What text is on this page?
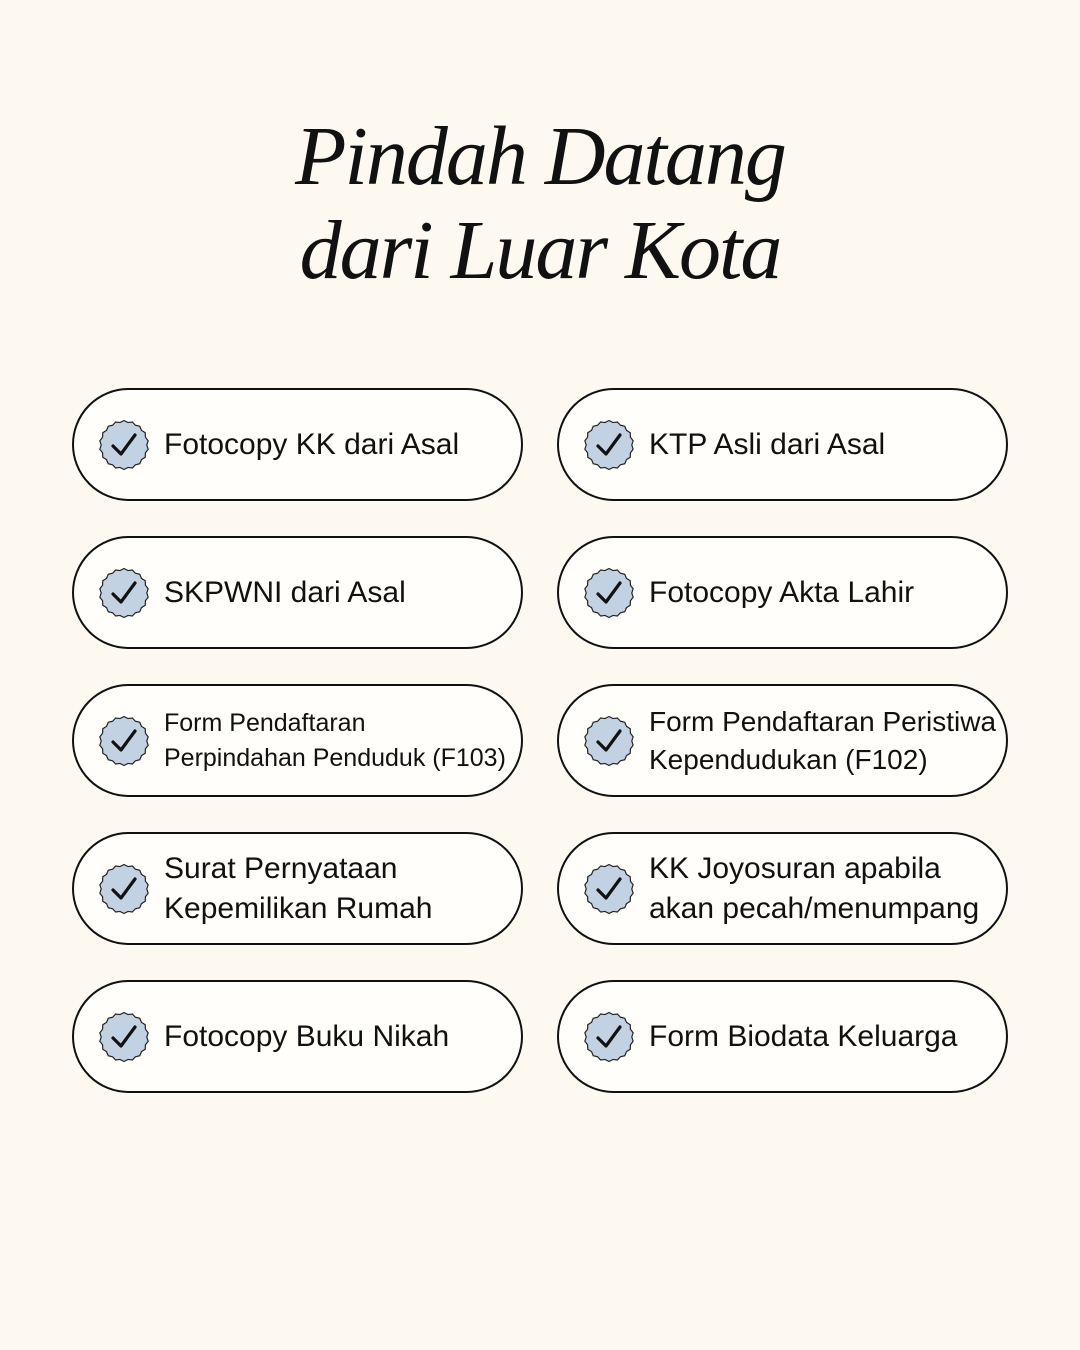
Pindah Datang
dari Luar Kota
Fotocopy KK dari Asal	KTP Asli dari Asal
SKPWNI dari Asal	Fotocopy Akta Lahir
Form Pendaftaran
Perpindahan Penduduk (F103)
Form Pendaftaran Peristiwa
Kependudukan (F102)
Surat Pernyataan
Kepemilikan Rumah
KK Joyosuran apabila
akan pecah/menumpang
Fotocopy Buku Nikah	Form Biodata Keluarga
